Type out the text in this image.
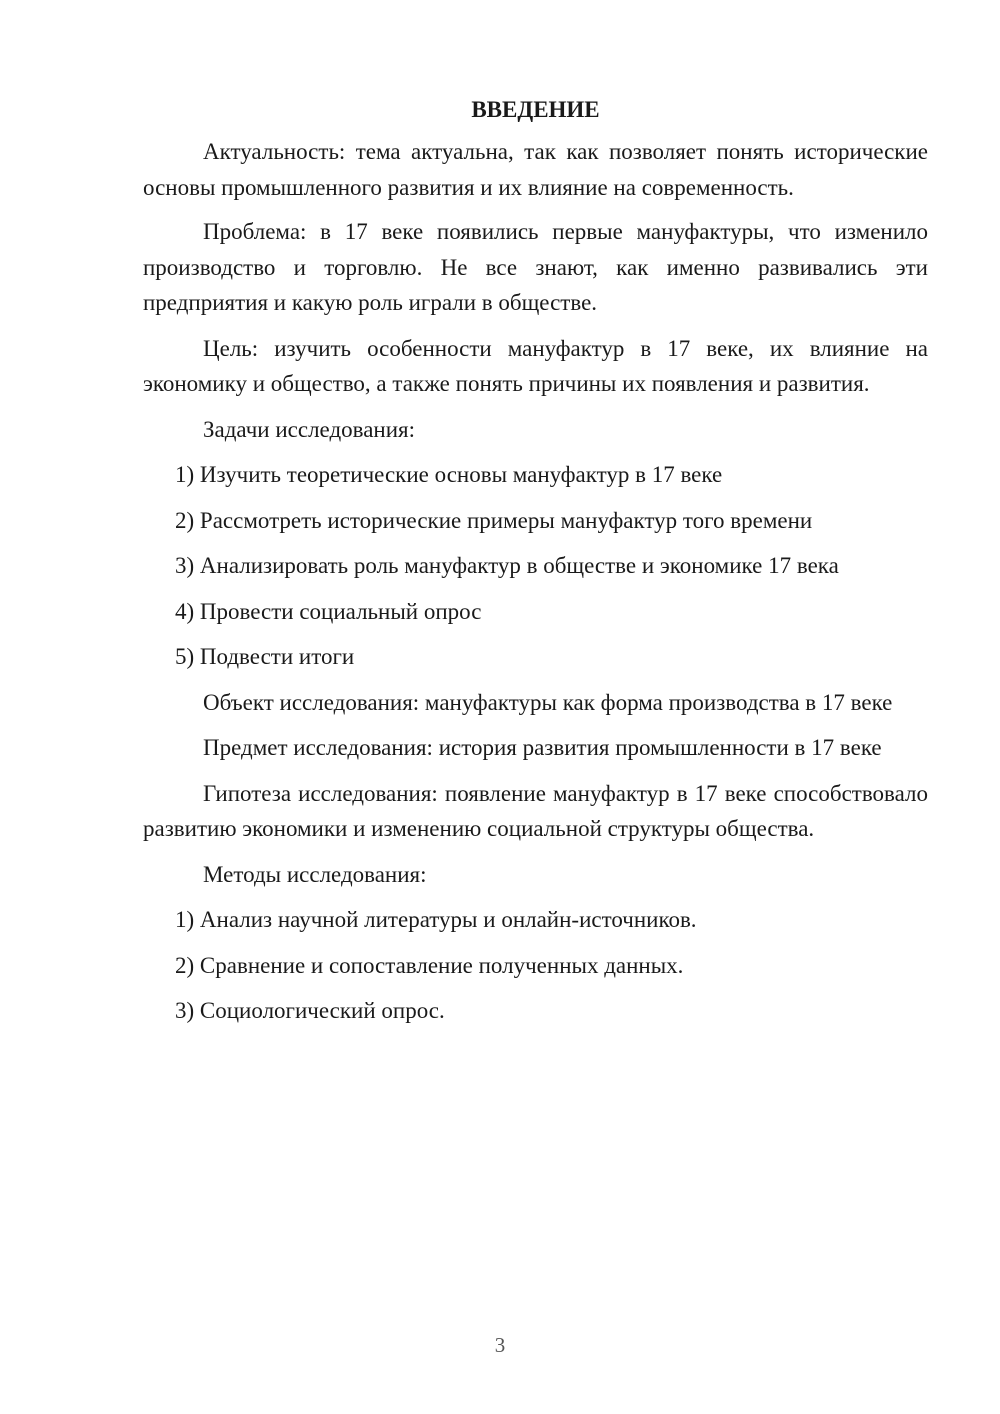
ВВЕДЕНИЕ
Актуальность: тема актуальна, так как позволяет понять исторические основы промышленного развития и их влияние на современность.
Проблема: в 17 веке появились первые мануфактуры, что изменило производство и торговлю. Не все знают, как именно развивались эти предприятия и какую роль играли в обществе.
Цель: изучить особенности мануфактур в 17 веке, их влияние на экономику и общество, а также понять причины их появления и развития.
Задачи исследования:
1) Изучить теоретические основы мануфактур в 17 веке
2) Рассмотреть исторические примеры мануфактур того времени
3) Анализировать роль мануфактур в обществе и экономике 17 века
4) Провести социальный опрос
5) Подвести итоги
Объект исследования: мануфактуры как форма производства в 17 веке
Предмет исследования: история развития промышленности в 17 веке
Гипотеза исследования: появление мануфактур в 17 веке способствовало развитию экономики и изменению социальной структуры общества.
Методы исследования:
1) Анализ научной литературы и онлайн-источников.
2) Сравнение и сопоставление полученных данных.
3) Социологический опрос.
3
